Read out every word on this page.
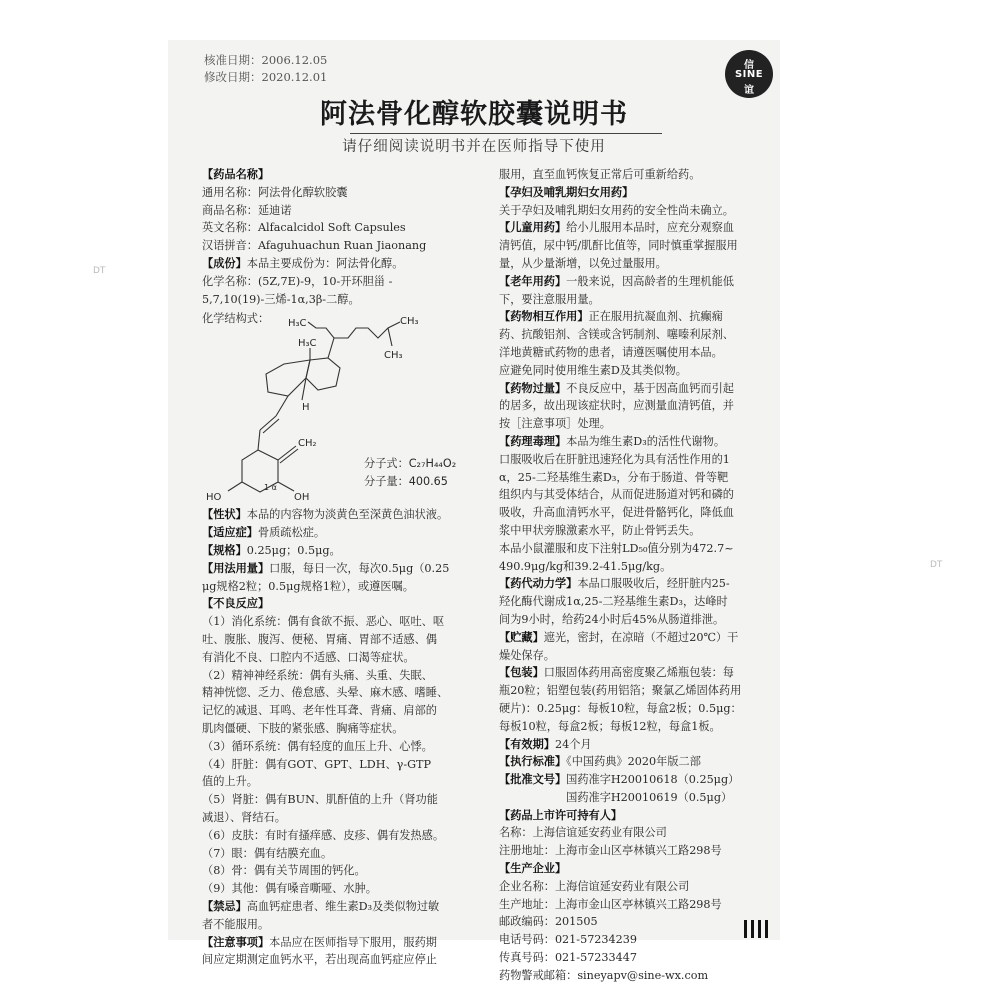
DT
DT
核准日期：2006.12.05
修改日期：2020.12.01
信
SINE
谊
阿法骨化醇软胶囊说明书
请仔细阅读说明书并在医师指导下使用
【药品名称】
通用名称：阿法骨化醇软胶囊
商品名称：延迪诺
英文名称：Alfacalcidol Soft Capsules
汉语拼音：Afaguhuachun Ruan Jiaonang
【成份】本品主要成份为：阿法骨化醇。
化学名称：(5Z,7E)-9，10-开环胆甾 -
5,7,10(19)-三烯-1α,3β-二醇。
化学结构式： H₃C	CH₃
CH₃
H₃C
H
CH₂
HO	OH
1 α
分子式：C₂₇H₄₄O₂
分子量：400.65
【性状】本品的内容物为淡黄色至深黄色油状液。
【适应症】骨质疏松症。
【规格】0.25μg；0.5μg。
【用法用量】口服，每日一次，每次0.5μg（0.25
μg规格2粒；0.5μg规格1粒），或遵医嘱。
【不良反应】
（1）消化系统：偶有食欲不振、恶心、呕吐、呕
吐、腹胀、腹泻、便秘、胃痛、胃部不适感、偶
有消化不良、口腔内不适感、口渴等症状。
（2）精神神经系统：偶有头痛、头重、失眠、
精神恍惚、乏力、倦怠感、头晕、麻木感、嗜睡、
记忆的减退、耳鸣、老年性耳聋、背痛、肩部的
肌肉僵硬、下肢的紧张感、胸痛等症状。
（3）循环系统：偶有轻度的血压上升、心悸。
（4）肝脏：偶有GOT、GPT、LDH、γ-GTP
值的上升。
（5）肾脏：偶有BUN、肌酐值的上升（肾功能
减退）、肾结石。
（6）皮肤：有时有搔痒感、皮疹、偶有发热感。
（7）眼：偶有结膜充血。
（8）骨：偶有关节周围的钙化。
（9）其他：偶有嗓音嘶哑、水肿。
【禁忌】高血钙症患者、维生素D₃及类似物过敏
者不能服用。
【注意事项】本品应在医师指导下服用，服药期
间应定期测定血钙水平，若出现高血钙症应停止
服用，直至血钙恢复正常后可重新给药。
【孕妇及哺乳期妇女用药】
关于孕妇及哺乳期妇女用药的安全性尚未确立。
【儿童用药】给小儿服用本品时，应充分观察血
清钙值，尿中钙/肌酐比值等，同时慎重掌握服用
量，从少量渐增，以免过量服用。
【老年用药】一般来说，因高龄者的生理机能低
下，要注意服用量。
【药物相互作用】正在服用抗凝血剂、抗癫痫
药、抗酸铝剂、含镁或含钙制剂、噻嗪利尿剂、
洋地黄糖甙药物的患者，请遵医嘱使用本品。
应避免同时使用维生素D及其类似物。
【药物过量】不良反应中，基于因高血钙而引起
的居多，故出现该症状时，应测量血清钙值，并
按［注意事项］处理。
【药理毒理】本品为维生素D₃的活性代谢物。
口服吸收后在肝脏迅速羟化为具有活性作用的1
α，25-二羟基维生素D₃，分布于肠道、骨等靶
组织内与其受体结合，从而促进肠道对钙和磷的
吸收，升高血清钙水平，促进骨骼钙化，降低血
浆中甲状旁腺激素水平，防止骨钙丢失。
本品小鼠灌服和皮下注射LD₅₀值分别为472.7~
490.9μg/kg和39.2-41.5μg/kg。
【药代动力学】本品口服吸收后，经肝脏内25-
羟化酶代谢成1α,25-二羟基维生素D₃，达峰时
间为9小时，给药24小时后45%从肠道排泄。
【贮藏】遮光，密封，在凉暗（不超过20℃）干
燥处保存。
【包装】口服固体药用高密度聚乙烯瓶包装：每
瓶20粒；铝塑包装(药用铝箔；聚氯乙烯固体药用
硬片)：0.25μg：每板10粒，每盒2板；0.5μg：
每板10粒，每盒2板；每板12粒，每盒1板。
【有效期】24个月
【执行标准】《中国药典》2020年版二部
【批准文号】国药准字H20010618（0.25μg）
　　　　　　国药准字H20010619（0.5μg）
【药品上市许可持有人】
名称：上海信谊延安药业有限公司
注册地址：上海市金山区亭林镇兴工路298号
【生产企业】
企业名称：上海信谊延安药业有限公司
生产地址：上海市金山区亭林镇兴工路298号
邮政编码：201505
电话号码：021-57234239
传真号码：021-57233447
药物警戒邮箱：sineyapv@sine-wx.com
